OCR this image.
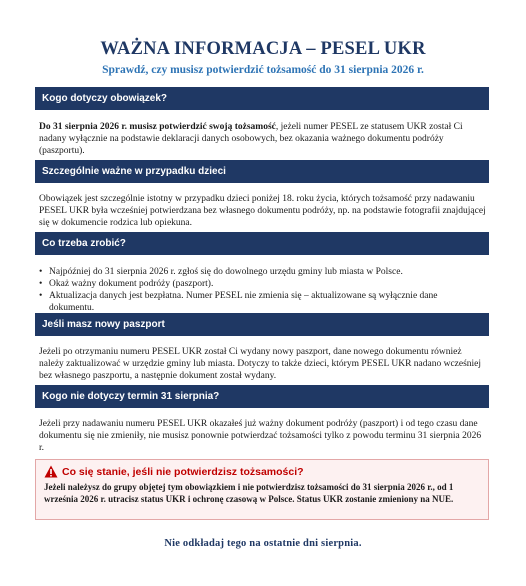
WAŻNA INFORMACJA – PESEL UKR
Sprawdź, czy musisz potwierdzić tożsamość do 31 sierpnia 2026 r.
Kogo dotyczy obowiązek?
Do 31 sierpnia 2026 r. musisz potwierdzić swoją tożsamość, jeżeli numer PESEL ze statusem UKR został Ci nadany wyłącznie na podstawie deklaracji danych osobowych, bez okazania ważnego dokumentu podróży (paszportu).
Szczególnie ważne w przypadku dzieci
Obowiązek jest szczególnie istotny w przypadku dzieci poniżej 18. roku życia, których tożsamość przy nadawaniu PESEL UKR była wcześniej potwierdzana bez własnego dokumentu podróży, np. na podstawie fotografii znajdującej się w dokumencie rodzica lub opiekuna.
Co trzeba zrobić?
• Najpóźniej do 31 sierpnia 2026 r. zgłoś się do dowolnego urzędu gminy lub miasta w Polsce.
• Okaż ważny dokument podróży (paszport).
• Aktualizacja danych jest bezpłatna. Numer PESEL nie zmienia się – aktualizowane są wyłącznie dane dokumentu.
Jeśli masz nowy paszport
Jeżeli po otrzymaniu numeru PESEL UKR został Ci wydany nowy paszport, dane nowego dokumentu również należy zaktualizować w urzędzie gminy lub miasta. Dotyczy to także dzieci, którym PESEL UKR nadano wcześniej bez własnego paszportu, a następnie dokument został wydany.
Kogo nie dotyczy termin 31 sierpnia?
Jeżeli przy nadawaniu numeru PESEL UKR okazałeś już ważny dokument podróży (paszport) i od tego czasu dane dokumentu się nie zmieniły, nie musisz ponownie potwierdzać tożsamości tylko z powodu terminu 31 sierpnia 2026 r.
Co się stanie, jeśli nie potwierdzisz tożsamości?
Jeżeli należysz do grupy objętej tym obowiązkiem i nie potwierdzisz tożsamości do 31 sierpnia 2026 r., od 1 września 2026 r. utracisz status UKR i ochronę czasową w Polsce. Status UKR zostanie zmieniony na NUE.
Nie odkładaj tego na ostatnie dni sierpnia.
